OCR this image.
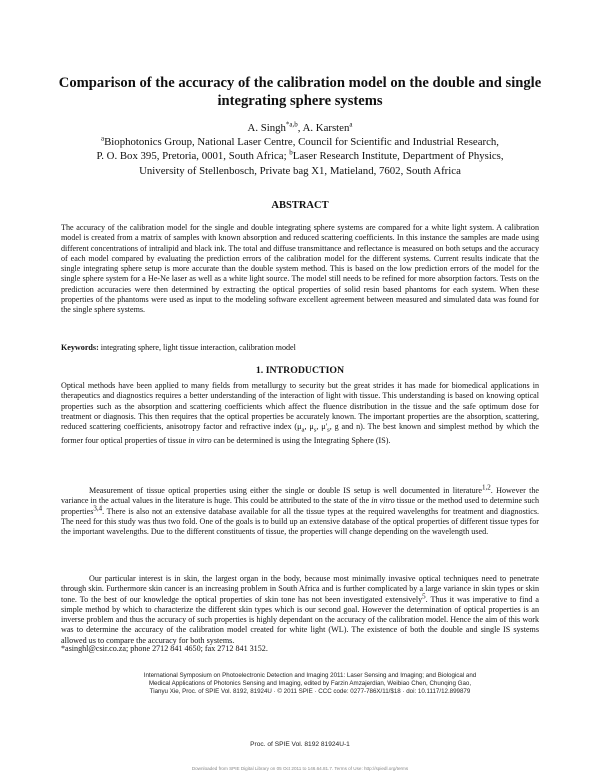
Comparison of the accuracy of the calibration model on the double and single integrating sphere systems
A. Singh$^{*a,b}$, A. Karsten$^a$
$^a$Biophotonics Group, National Laser Centre, Council for Scientific and Industrial Research,
P. O. Box 395, Pretoria, 0001, South Africa; $^b$Laser Research Institute, Department of Physics,
University of Stellenbosch, Private bag X1, Matieland, 7602, South Africa
ABSTRACT
The accuracy of the calibration model for the single and double integrating sphere systems are compared for a white light system. A calibration model is created from a matrix of samples with known absorption and reduced scattering coefficients. In this instance the samples are made using different concentrations of intralipid and black ink. The total and diffuse transmittance and reflectance is measured on both setups and the accuracy of each model compared by evaluating the prediction errors of the calibration model for the different systems. Current results indicate that the single integrating sphere setup is more accurate than the double system method. This is based on the low prediction errors of the model for the single sphere system for a He-Ne laser as well as a white light source. The model still needs to be refined for more absorption factors. Tests on the prediction accuracies were then determined by extracting the optical properties of solid resin based phantoms for each system. When these properties of the phantoms were used as input to the modeling software excellent agreement between measured and simulated data was found for the single sphere systems.
Keywords: integrating sphere, light tissue interaction, calibration model
1. INTRODUCTION
Optical methods have been applied to many fields from metallurgy to security but the great strides it has made for biomedical applications in therapeutics and diagnostics requires a better understanding of the interaction of light with tissue. This understanding is based on knowing optical properties such as the absorption and scattering coefficients which affect the fluence distribution in the tissue and the safe optimum dose for treatment or diagnosis. This then requires that the optical properties be accurately known. The important properties are the absorption, scattering, reduced scattering coefficients, anisotropy factor and refractive index ($\mu_a$, $\mu_s$, $\mu'_s$, g and n). The best known and simplest method by which the former four optical properties of tissue in vitro can be determined is using the Integrating Sphere (IS).
Measurement of tissue optical properties using either the single or double IS setup is well documented in literature$^{1,2}$. However the variance in the actual values in the literature is huge. This could be attributed to the state of the in vitro tissue or the method used to determine such properties$^{3,4}$. There is also not an extensive database available for all the tissue types at the required wavelengths for treatment and diagnostics. The need for this study was thus two fold. One of the goals is to build up an extensive database of the optical properties of different tissue types for the important wavelengths. Due to the different constituents of tissue, the properties will change depending on the wavelength used.
Our particular interest is in skin, the largest organ in the body, because most minimally invasive optical techniques need to penetrate through skin. Furthermore skin cancer is an increasing problem in South Africa and is further complicated by a large variance in skin types or skin tone. To the best of our knowledge the optical properties of skin tone has not been investigated extensively$^5$. Thus it was imperative to find a simple method by which to characterize the different skin types which is our second goal. However the determination of optical properties is an inverse problem and thus the accuracy of such properties is highly dependant on the accuracy of the calibration model. Hence the aim of this work was to determine the accuracy of the calibration model created for white light (WL). The existence of both the double and single IS systems allowed us to compare the accuracy for both systems.
*asinghl@csir.co.za; phone 2712 841 4650; fax 2712 841 3152.
International Symposium on Photoelectronic Detection and Imaging 2011: Laser Sensing and Imaging; and Biological and
Medical Applications of Photonics Sensing and Imaging, edited by Farzin Amzajerdian, Weibiao Chen, Chunqing Gao,
Tianyu Xie, Proc. of SPIE Vol. 8192, 81924U · © 2011 SPIE · CCC code: 0277-786X/11/$18 · doi: 10.1117/12.899879
Proc. of SPIE Vol. 8192 81924U-1
Downloaded from SPIE Digital Library on 05 Oct 2011 to 146.64.81.7. Terms of Use: http://spiedl.org/terms
